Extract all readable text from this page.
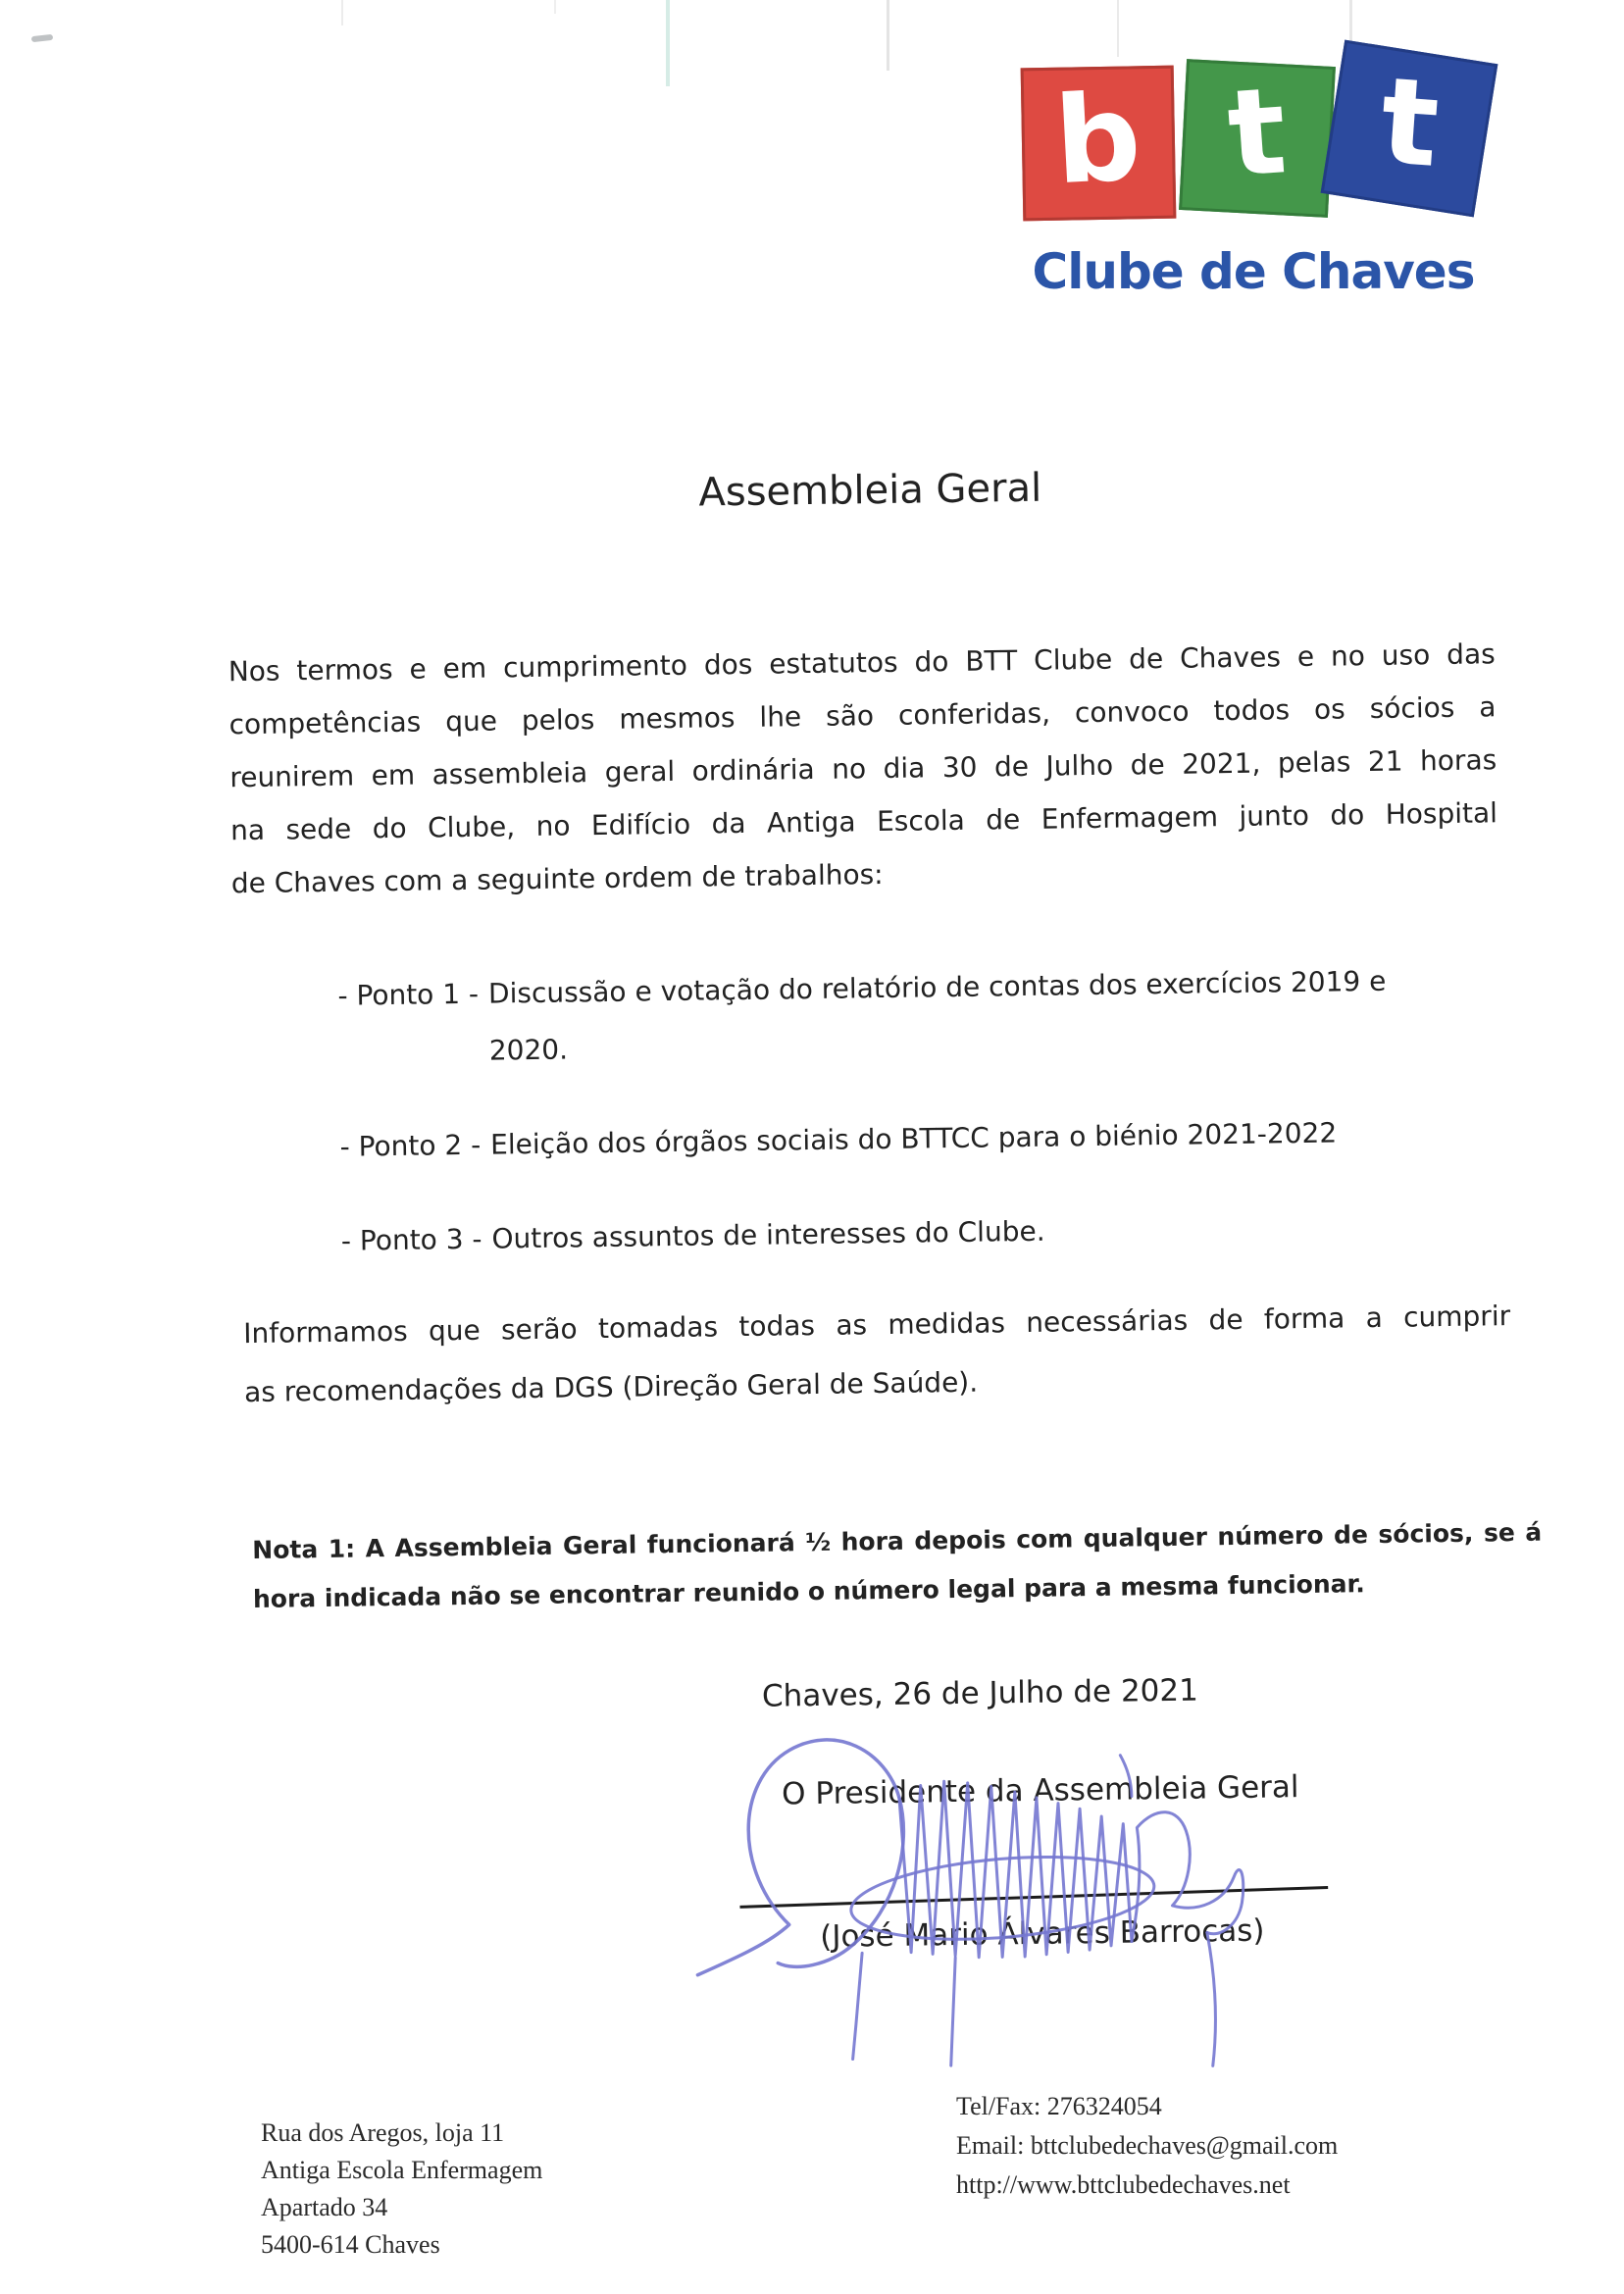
b t t
Clube de Chaves
Assembleia Geral
Nos termos e em cumprimento dos estatutos do BTT Clube de Chaves e no uso das
competências que pelos mesmos lhe são conferidas, convoco todos os sócios a
reunirem em assembleia geral ordinária no dia 30 de Julho de 2021, pelas 21 horas
na sede do Clube, no Edifício da Antiga Escola de Enfermagem junto do Hospital
de Chaves com a seguinte ordem de trabalhos:
- Ponto 1 - Discussão e votação do relatório de contas dos exercícios 2019 e
2020.
- Ponto 2 - Eleição dos órgãos sociais do BTTCC para o biénio 2021-2022
- Ponto 3 - Outros assuntos de interesses do Clube.
Informamos que serão tomadas todas as medidas necessárias de forma a cumprir
as recomendações da DGS (Direção Geral de Saúde).
Nota 1: A Assembleia Geral funcionará ½ hora depois com qualquer número de sócios, se á
hora indicada não se encontrar reunido o número legal para a mesma funcionar.
Chaves, 26 de Julho de 2021
O Presidente da Assembleia Geral
(José Mario Álvares Barrocas)
Rua dos Aregos, loja 11
Antiga Escola Enfermagem
Apartado 34
5400-614 Chaves
Tel/Fax: 276324054
Email: bttclubedechaves@gmail.com
http://www.bttclubedechaves.net
